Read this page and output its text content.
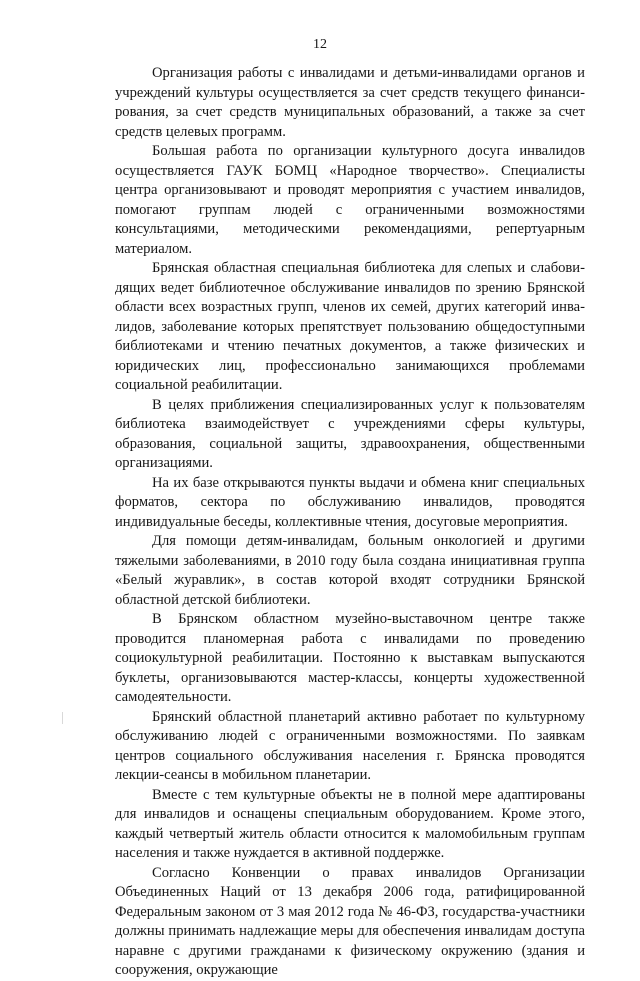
12

Организация работы с инвалидами и детьми-инвалидами органов и учреждений культуры осуществляется за счет средств текущего финансирования, за счет средств муниципальных образований, а также за счет средств целевых программ.

Большая работа по организации культурного досуга инвалидов осуществляется ГАУК БОМЦ «Народное творчество». Специалисты центра организовывают и проводят мероприятия с участием инвалидов, помогают группам людей с ограниченными возможностями консультациями, методическими рекомендациями, репертуарным материалом.

Брянская областная специальная библиотека для слепых и слабовидящих ведет библиотечное обслуживание инвалидов по зрению Брянской области всех возрастных групп, членов их семей, других категорий инвалидов, заболевание которых препятствует пользованию общедоступными библиотеками и чтению печатных документов, а также физических и юридических лиц, профессионально занимающихся проблемами социальной реабилитации.

В целях приближения специализированных услуг к пользователям библиотека взаимодействует с учреждениями сферы культуры, образования, социальной защиты, здравоохранения, общественными организациями.

На их базе открываются пункты выдачи и обмена книг специальных форматов, сектора по обслуживанию инвалидов, проводятся индивидуальные беседы, коллективные чтения, досуговые мероприятия.

Для помощи детям-инвалидам, больным онкологией и другими тяжелыми заболеваниями, в 2010 году была создана инициативная группа «Белый журавлик», в состав которой входят сотрудники Брянской областной детской библиотеки.

В Брянском областном музейно-выставочном центре также проводится планомерная работа с инвалидами по проведению социокультурной реабилитации. Постоянно к выставкам выпускаются буклеты, организовываются мастер-классы, концерты художественной самодеятельности.

Брянский областной планетарий активно работает по культурному обслуживанию людей с ограниченными возможностями. По заявкам центров социального обслуживания населения г. Брянска проводятся лекции-сеансы в мобильном планетарии.

Вместе с тем культурные объекты не в полной мере адаптированы для инвалидов и оснащены специальным оборудованием. Кроме этого, каждый четвертый житель области относится к маломобильным группам населения и также нуждается в активной поддержке.

Согласно Конвенции о правах инвалидов Организации Объединенных Наций от 13 декабря 2006 года, ратифицированной Федеральным законом от 3 мая 2012 года № 46-ФЗ, государства-участники должны принимать надлежащие меры для обеспечения инвалидам доступа наравне с другими гражданами к физическому окружению (здания и сооружения, окружающие
